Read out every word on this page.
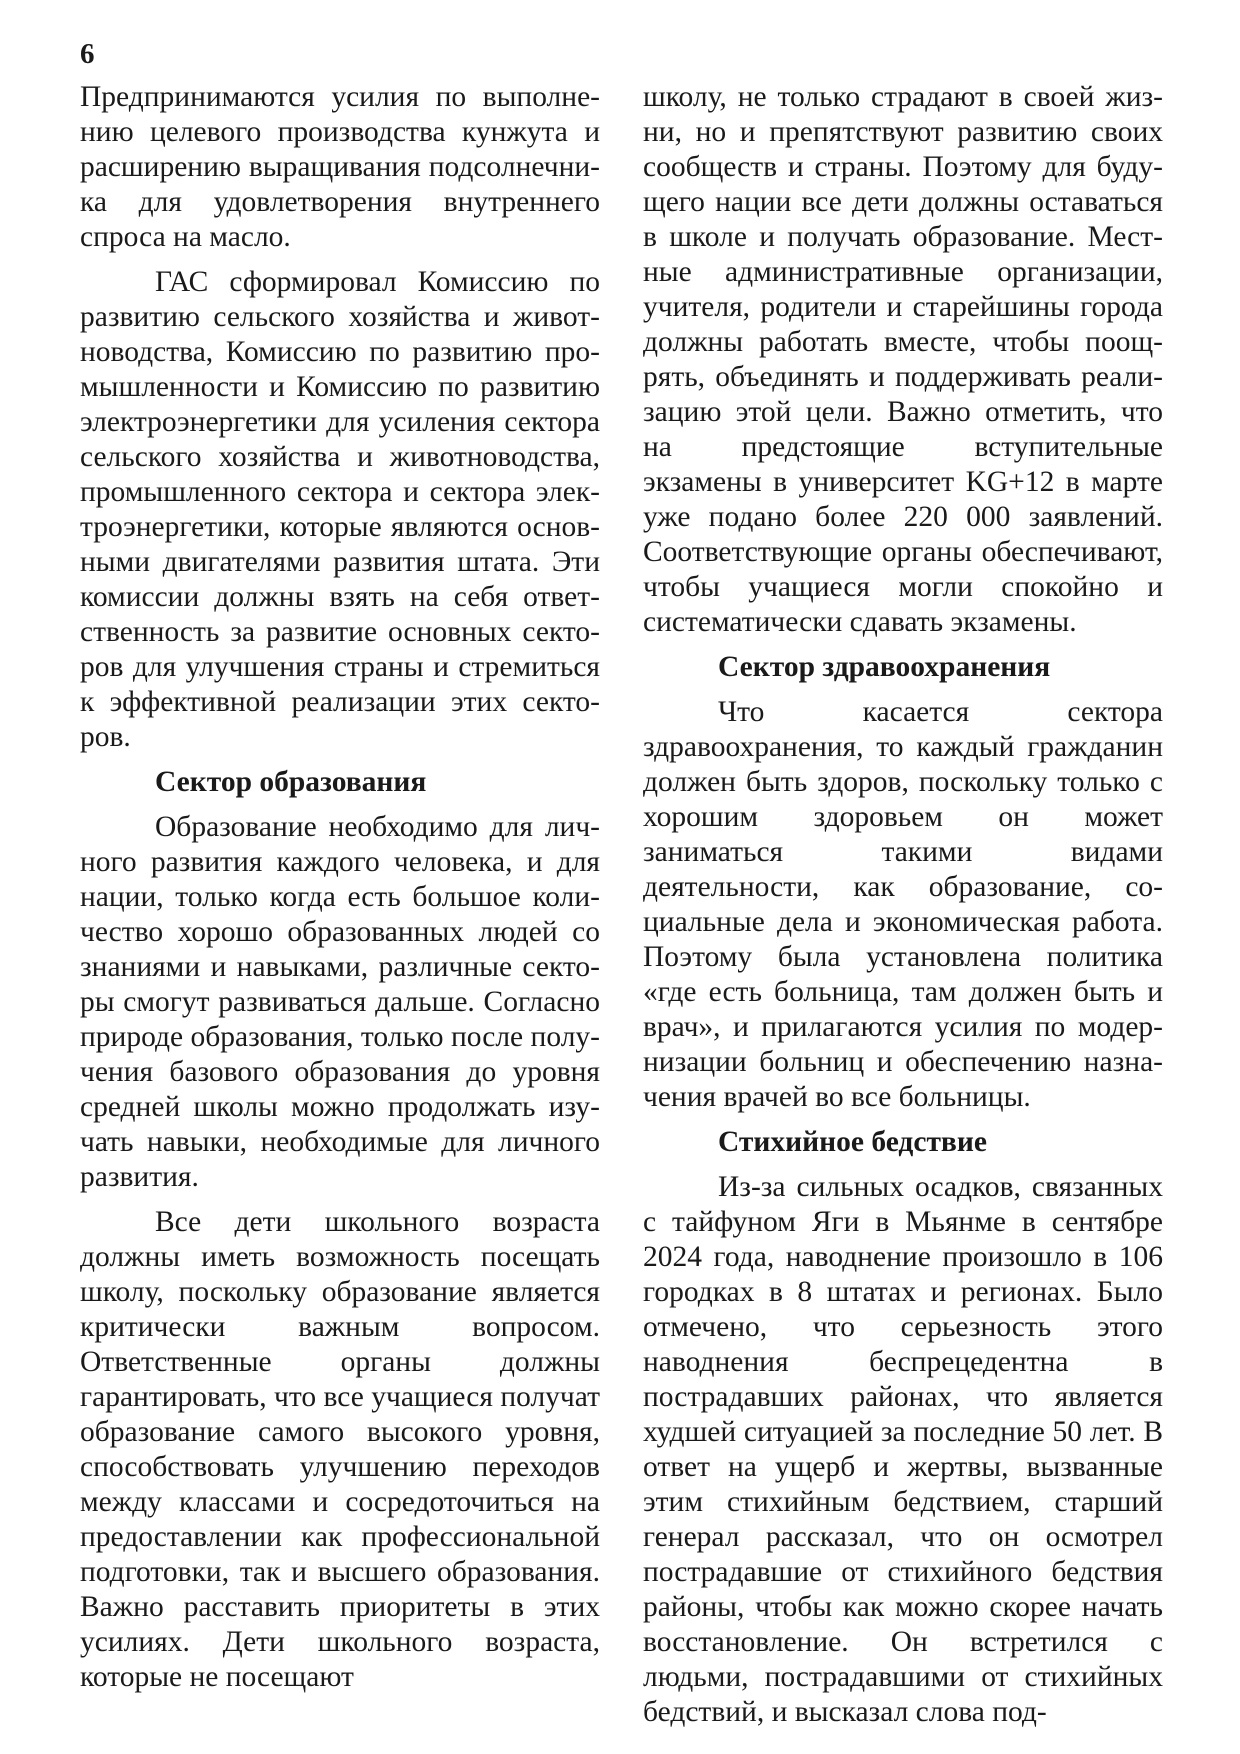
6

Предпринимаются усилия по выполнению целевого производства кунжута и расширению выращивания подсолнечника для удовлетворения внутреннего спроса на масло.

ГАС сформировал Комиссию по развитию сельского хозяйства и животноводства, Комиссию по развитию промышленности и Комиссию по развитию электроэнергетики для усиления сектора сельского хозяйства и животноводства, промышленного сектора и сектора электроэнергетики, которые являются основными двигателями развития штата. Эти комиссии должны взять на себя ответственность за развитие основных секторов для улучшения страны и стремиться к эффективной реализации этих секторов.

Сектор образования

Образование необходимо для личного развития каждого человека, и для нации, только когда есть большое количество хорошо образованных людей со знаниями и навыками, различные секторы смогут развиваться дальше. Согласно природе образования, только после получения базового образования до уровня средней школы можно продолжать изучать навыки, необходимые для личного развития.

Все дети школьного возраста должны иметь возможность посещать школу, поскольку образование является критически важным вопросом. Ответственные органы должны гарантировать, что все учащиеся получат образование самого высокого уровня, способствовать улучшению переходов между классами и сосредоточиться на предоставлении как профессиональной подготовки, так и высшего образования. Важно расставить приоритеты в этих усилиях. Дети школьного возраста, которые не посещают

школу, не только страдают в своей жизни, но и препятствуют развитию своих сообществ и страны. Поэтому для будущего нации все дети должны оставаться в школе и получать образование. Местные административные организации, учителя, родители и старейшины города должны работать вместе, чтобы поощрять, объединять и поддерживать реализацию этой цели. Важно отметить, что на предстоящие вступительные экзамены в университет KG+12 в марте уже подано более 220 000 заявлений. Соответствующие органы обеспечивают, чтобы учащиеся могли спокойно и систематически сдавать экзамены.

Сектор здравоохранения

Что касается сектора здравоохранения, то каждый гражданин должен быть здоров, поскольку только с хорошим здоровьем он может заниматься такими видами деятельности, как образование, социальные дела и экономическая работа. Поэтому была установлена политика «где есть больница, там должен быть и врач», и прилагаются усилия по модернизации больниц и обеспечению назначения врачей во все больницы.

Стихийное бедствие

Из-за сильных осадков, связанных с тайфуном Яги в Мьянме в сентябре 2024 года, наводнение произошло в 106 городках в 8 штатах и регионах. Было отмечено, что серьезность этого наводнения беспрецедентна в пострадавших районах, что является худшей ситуацией за последние 50 лет. В ответ на ущерб и жертвы, вызванные этим стихийным бедствием, старший генерал рассказал, что он осмотрел пострадавшие от стихийного бедствия районы, чтобы как можно скорее начать восстановление. Он встретился с людьми, пострадавшими от стихийных бедствий, и высказал слова под-
